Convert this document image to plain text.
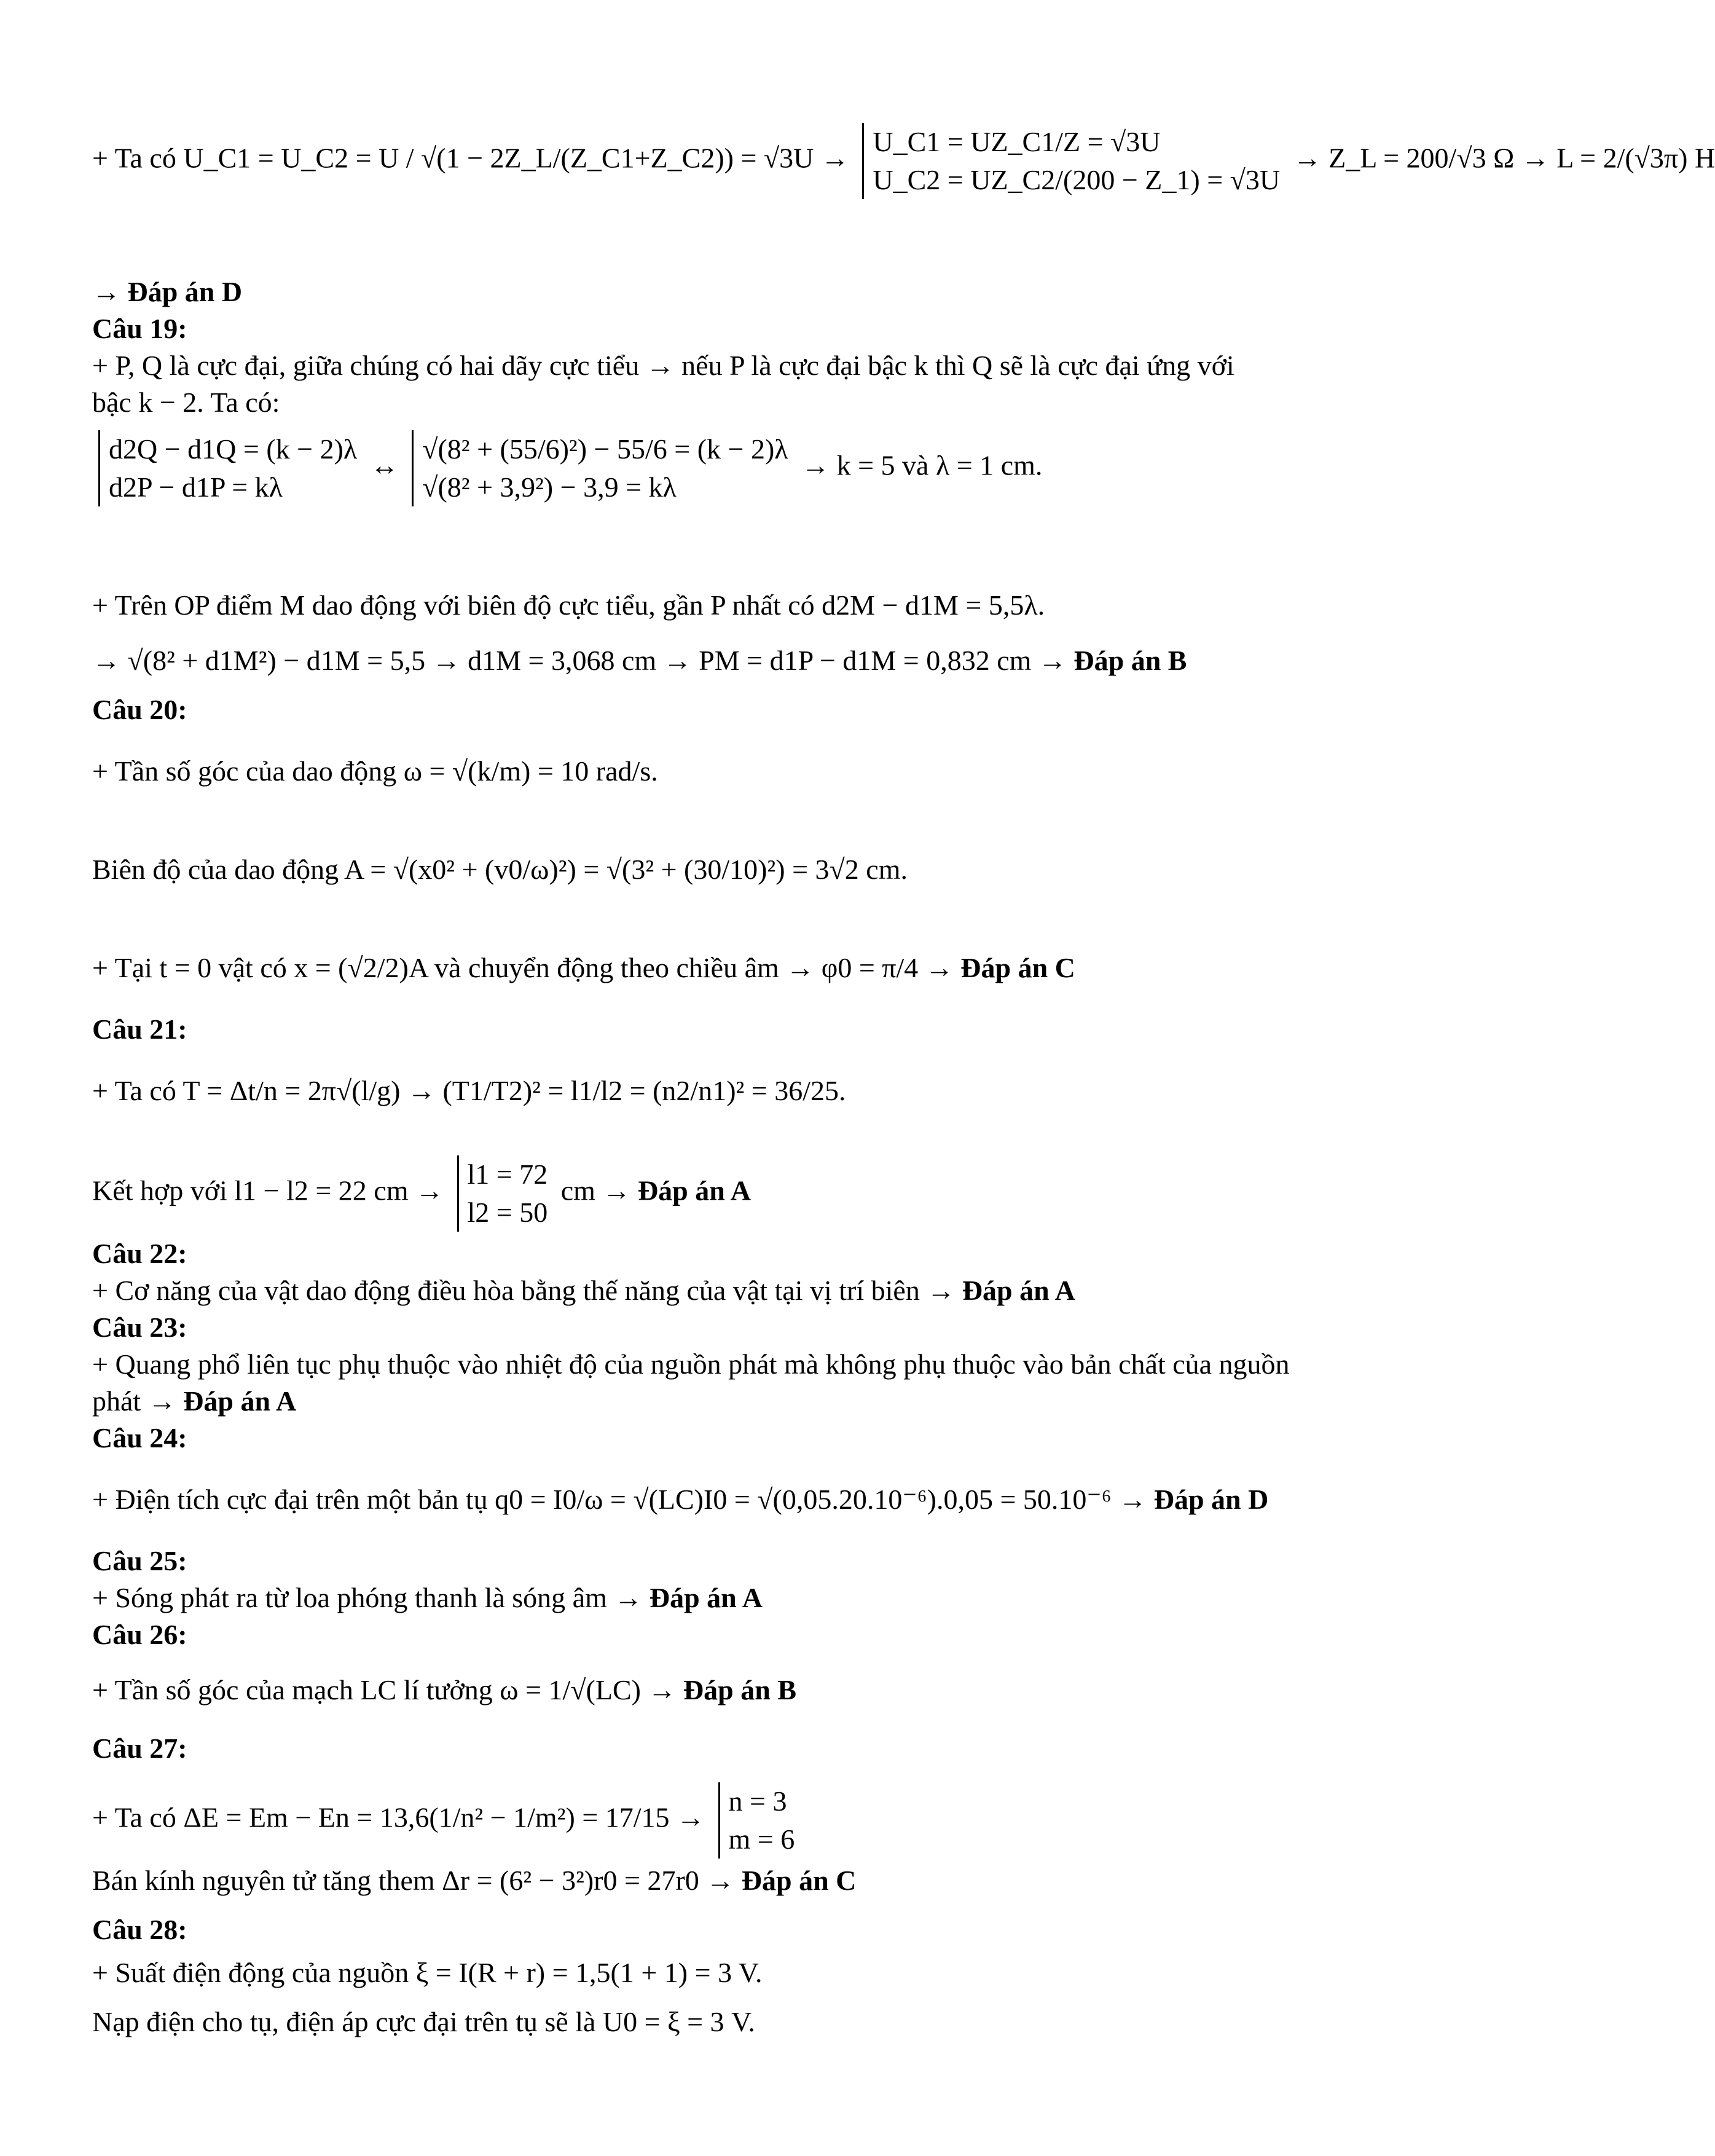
+ Ta có U_C1 = U_C2 = U / √(1 − 2Z_L/(Z_C1+Z_C2)) = √3U →
U_C1 = UZ_C1/Z = √3U
U_C2 = UZ_C2/(200 − Z_1) = √3U
→ Z_L = 200/√3 Ω → L = 2/(√3π) H
→ Đáp án D
Câu 19:
+ P, Q là cực đại, giữa chúng có hai dãy cực tiểu → nếu P là cực đại bậc k thì Q sẽ là cực đại ứng với
bậc k − 2. Ta có:
d2Q − d1Q = (k − 2)λ
d2P − d1P = kλ
↔
√(8² + (55/6)²) − 55/6 = (k − 2)λ
√(8² + 3,9²) − 3,9 = kλ
→ k = 5 và λ = 1 cm.
+ Trên OP điểm M dao động với biên độ cực tiểu, gần P nhất có d2M − d1M = 5,5λ.
→ √(8² + d1M²) − d1M = 5,5 → d1M = 3,068 cm → PM = d1P − d1M = 0,832 cm → Đáp án B
Câu 20:
+ Tần số góc của dao động ω = √(k/m) = 10 rad/s.
Biên độ của dao động A = √(x0² + (v0/ω)²) = √(3² + (30/10)²) = 3√2 cm.
+ Tại t = 0 vật có x = (√2/2)A và chuyển động theo chiều âm → φ0 = π/4 → Đáp án C
Câu 21:
+ Ta có T = Δt/n = 2π√(l/g) → (T1/T2)² = l1/l2 = (n2/n1)² = 36/25.
Kết hợp với l1 − l2 = 22 cm →
l1 = 72
l2 = 50
cm → Đáp án A
Câu 22:
+ Cơ năng của vật dao động điều hòa bằng thế năng của vật tại vị trí biên → Đáp án A
Câu 23:
+ Quang phổ liên tục phụ thuộc vào nhiệt độ của nguồn phát mà không phụ thuộc vào bản chất của nguồn
phát → Đáp án A
Câu 24:
+ Điện tích cực đại trên một bản tụ q0 = I0/ω = √(LC)I0 = √(0,05.20.10⁻⁶).0,05 = 50.10⁻⁶ → Đáp án D
Câu 25:
+ Sóng phát ra từ loa phóng thanh là sóng âm → Đáp án A
Câu 26:
+ Tần số góc của mạch LC lí tưởng ω = 1/√(LC) → Đáp án B
Câu 27:
+ Ta có ΔE = Em − En = 13,6(1/n² − 1/m²) = 17/15 →
n = 3
m = 6
Bán kính nguyên tử tăng them Δr = (6² − 3²)r0 = 27r0 → Đáp án C
Câu 28:
+ Suất điện động của nguồn ξ = I(R + r) = 1,5(1 + 1) = 3 V.
Nạp điện cho tụ, điện áp cực đại trên tụ sẽ là U0 = ξ = 3 V.
